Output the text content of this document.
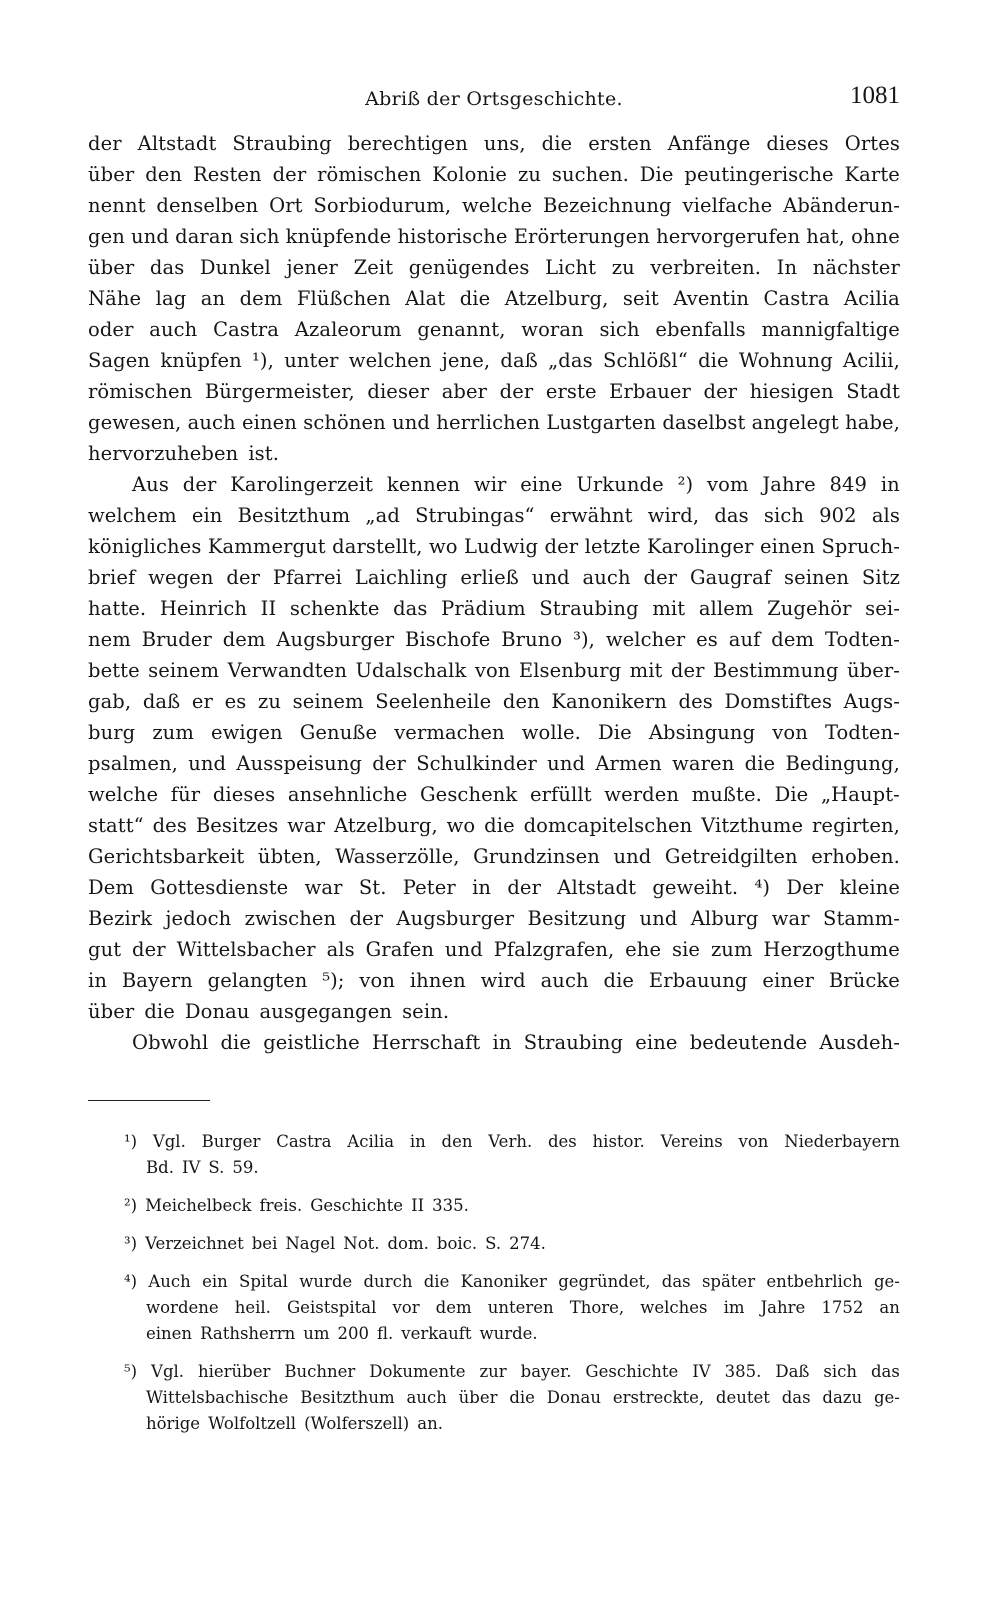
Abriß der Ortsgeschichte.	1081
der Altstadt Straubing berechtigen uns, die ersten Anfänge dieses Ortes
über den Resten der römischen Kolonie zu suchen. Die peutingerische Karte
nennt denselben Ort Sorbiodurum, welche Bezeichnung vielfache Abänderun-
gen und daran sich knüpfende historische Erörterungen hervorgerufen hat, ohne
über das Dunkel jener Zeit genügendes Licht zu verbreiten. In nächster
Nähe lag an dem Flüßchen Alat die Atzelburg, seit Aventin Castra Acilia
oder auch Castra Azaleorum genannt, woran sich ebenfalls mannigfaltige
Sagen knüpfen ¹), unter welchen jene, daß „das Schlößl“ die Wohnung Acilii,
römischen Bürgermeister, dieser aber der erste Erbauer der hiesigen Stadt
gewesen, auch einen schönen und herrlichen Lustgarten daselbst angelegt habe,
hervorzuheben ist.
Aus der Karolingerzeit kennen wir eine Urkunde ²) vom Jahre 849 in
welchem ein Besitzthum „ad Strubingas“ erwähnt wird, das sich 902 als
königliches Kammergut darstellt, wo Ludwig der letzte Karolinger einen Spruch-
brief wegen der Pfarrei Laichling erließ und auch der Gaugraf seinen Sitz
hatte. Heinrich II schenkte das Prädium Straubing mit allem Zugehör sei-
nem Bruder dem Augsburger Bischofe Bruno ³), welcher es auf dem Todten-
bette seinem Verwandten Udalschalk von Elsenburg mit der Bestimmung über-
gab, daß er es zu seinem Seelenheile den Kanonikern des Domstiftes Augs-
burg zum ewigen Genuße vermachen wolle. Die Absingung von Todten-
psalmen, und Ausspeisung der Schulkinder und Armen waren die Bedingung,
welche für dieses ansehnliche Geschenk erfüllt werden mußte. Die „Haupt-
statt“ des Besitzes war Atzelburg, wo die domcapitelschen Vitzthume regirten,
Gerichtsbarkeit übten, Wasserzölle, Grundzinsen und Getreidgilten erhoben.
Dem Gottesdienste war St. Peter in der Altstadt geweiht. ⁴) Der kleine
Bezirk jedoch zwischen der Augsburger Besitzung und Alburg war Stamm-
gut der Wittelsbacher als Grafen und Pfalzgrafen, ehe sie zum Herzogthume
in Bayern gelangten ⁵); von ihnen wird auch die Erbauung einer Brücke
über die Donau ausgegangen sein.
Obwohl die geistliche Herrschaft in Straubing eine bedeutende Ausdeh-
¹) Vgl. Burger Castra Acilia in den Verh. des histor. Vereins von Niederbayern
Bd. IV S. 59.
²) Meichelbeck freis. Geschichte II 335.
³) Verzeichnet bei Nagel Not. dom. boic. S. 274.
⁴) Auch ein Spital wurde durch die Kanoniker gegründet, das später entbehrlich ge-
wordene heil. Geistspital vor dem unteren Thore, welches im Jahre 1752 an
einen Rathsherrn um 200 fl. verkauft wurde.
⁵) Vgl. hierüber Buchner Dokumente zur bayer. Geschichte IV 385. Daß sich das
Wittelsbachische Besitzthum auch über die Donau erstreckte, deutet das dazu ge-
hörige Wolfoltzell (Wolferszell) an.
